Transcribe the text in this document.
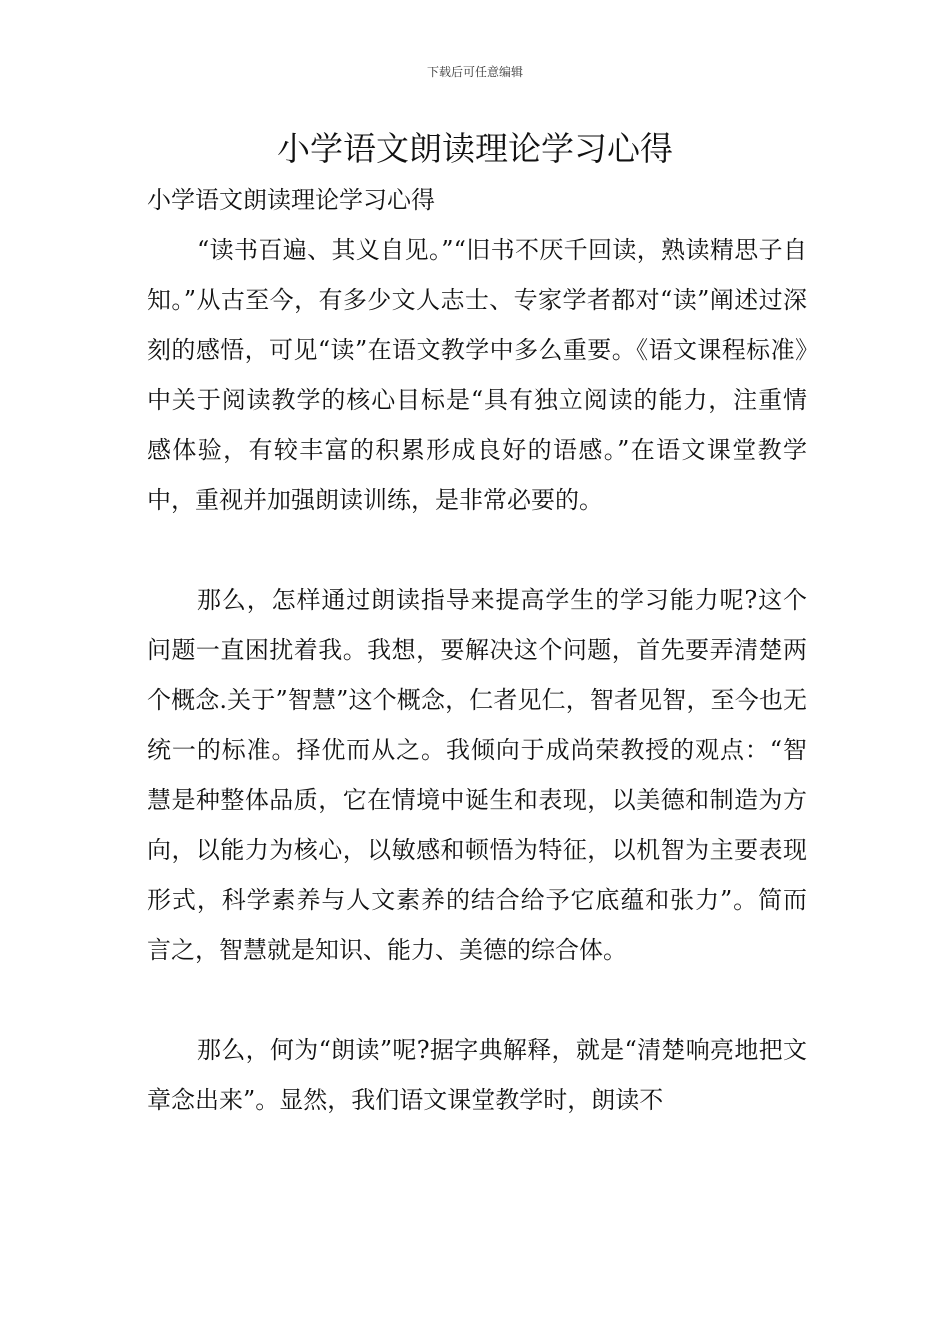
下载后可任意编辑
小学语文朗读理论学习心得

小学语文朗读理论学习心得

“读书百遍、其义自见。”“旧书不厌千回读，熟读精思子自知。”从古至今，有多少文人志士、专家学者都对“读”阐述过深刻的感悟，可见“读”在语文教学中多么重要。《语文课程标准》中关于阅读教学的核心目标是“具有独立阅读的能力，注重情感体验，有较丰富的积累形成良好的语感。”在语文课堂教学中，重视并加强朗读训练，是非常必要的。

那么，怎样通过朗读指导来提高学生的学习能力呢?这个问题一直困扰着我。我想，要解决这个问题，首先要弄清楚两个概念.关于”智慧”这个概念，仁者见仁，智者见智，至今也无统一的标准。择优而从之。我倾向于成尚荣教授的观点：“智慧是种整体品质，它在情境中诞生和表现，以美德和制造为方向，以能力为核心，以敏感和顿悟为特征，以机智为主要表现形式，科学素养与人文素养的结合给予它底蕴和张力”。简而言之，智慧就是知识、能力、美德的综合体。

那么，何为“朗读”呢?据字典解释，就是“清楚响亮地把文章念出来”。显然，我们语文课堂教学时，朗读不
